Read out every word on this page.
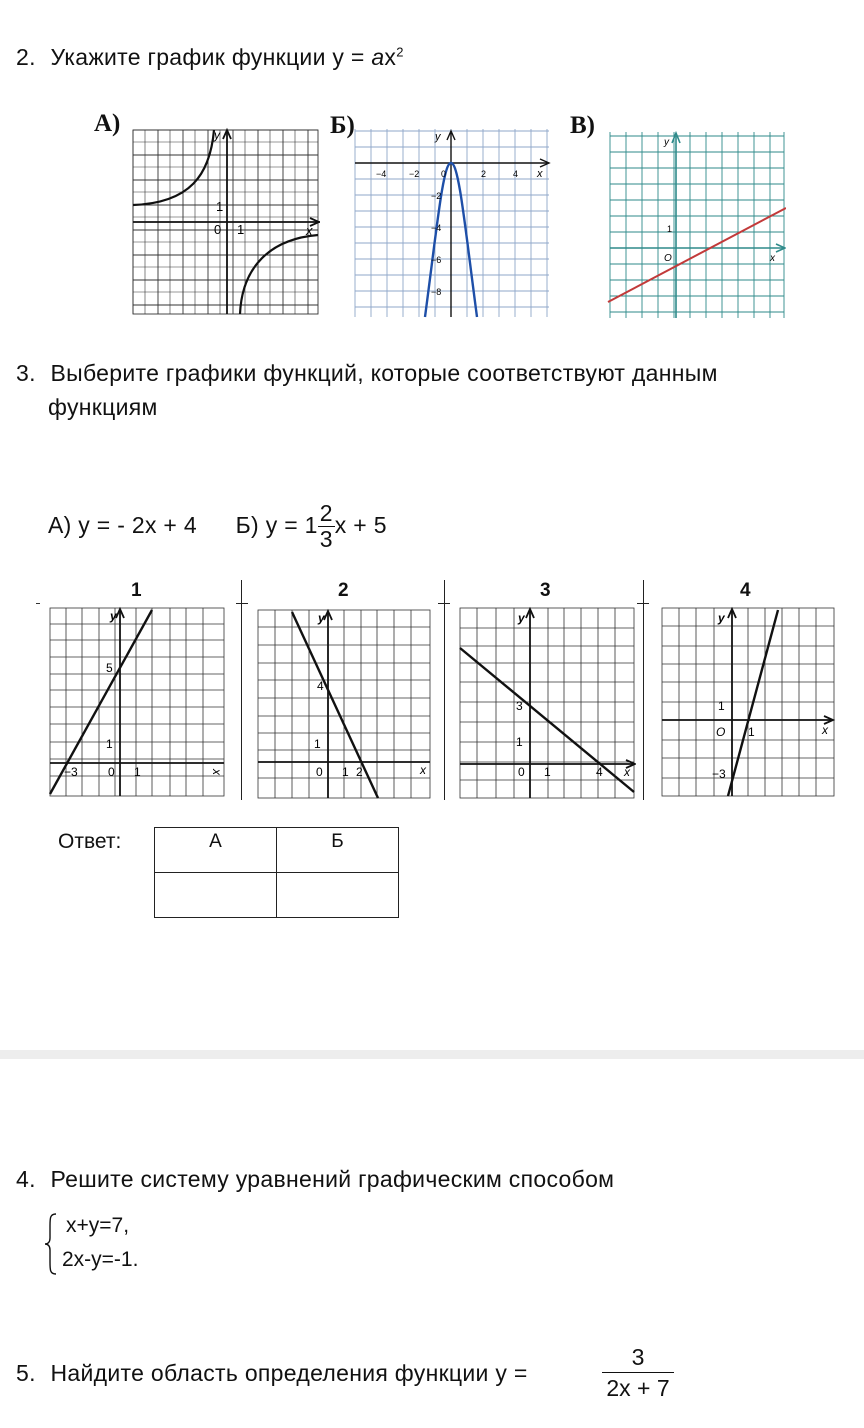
2. Укажите график функции $y = ax^2$
А)	y
x
0 1
1
Б)	y
x
−4	−2 0	2	4
−2
−4
−6
−8
В)
y
x
O
1
3. Выберите графики функций, которые соответствуют данным
функциям
А) y = - 2x + 4 Б) $y = 1 \frac{2}{3}$ x + 5
1	2	3	4
y
x
5
1
−3	0 1
y
x
4
1
0 1 2
y
x
3
1
0 1	4
y
x
1
O 1
−3
Ответ:	А	Б

4. Решите систему уравнений графическим способом
x+y=7,
2x-y=-1.
5. Найдите область определения функции y =	$\frac{3}{2x + 7}$
